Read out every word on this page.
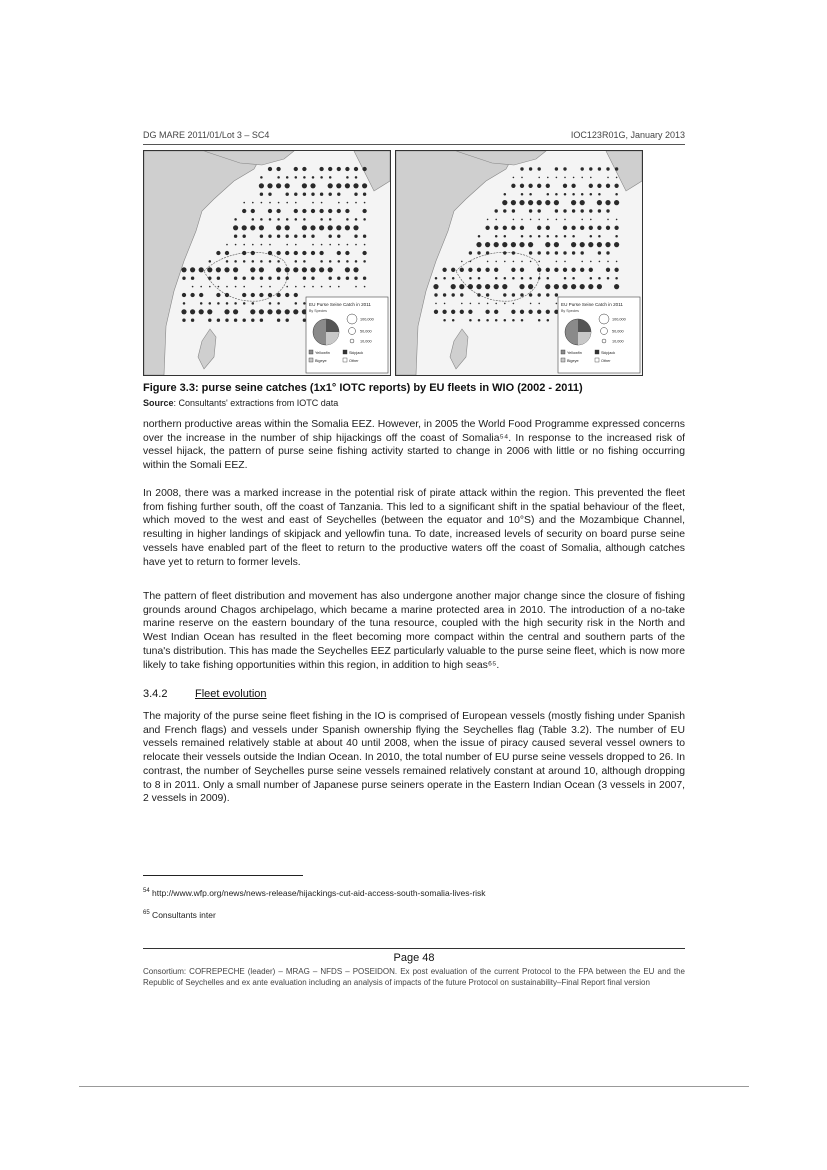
DG MARE 2011/01/Lot 3 – SC4	IOC123R01G, January 2013
EU Purse Seine Catch in 2011
By Species
100,000
50,000
10,000
Yellowfin	Skipjack
Bigeye	Other
EU Purse Seine Catch in 2011
By Species
100,000
50,000
10,000
Yellowfin	Skipjack
Bigeye	Other
Figure 3.3: purse seine catches (1x1° IOTC reports) by EU fleets in WIO (2002 - 2011)
Source: Consultants' extractions from IOTC data

northern productive areas within the Somalia EEZ. However, in 2005 the World Food Programme expressed concerns over the increase in the number of ship hijackings off the coast of Somalia⁵⁴. In response to the increased risk of vessel hijack, the pattern of purse seine fishing activity started to change in 2006 with little or no fishing occurring within the Somali EEZ.

In 2008, there was a marked increase in the potential risk of pirate attack within the region. This prevented the fleet from fishing further south, off the coast of Tanzania. This led to a significant shift in the spatial behaviour of the fleet, which moved to the west and east of Seychelles (between the equator and 10°S) and the Mozambique Channel, resulting in higher landings of skipjack and yellowfin tuna. To date, increased levels of security on board purse seine vessels have enabled part of the fleet to return to the productive waters off the coast of Somalia, although catches have yet to return to former levels.

The pattern of fleet distribution and movement has also undergone another major change since the closure of fishing grounds around Chagos archipelago, which became a marine protected area in 2010. The introduction of a no-take marine reserve on the eastern boundary of the tuna resource, coupled with the high security risk in the North and West Indian Ocean has resulted in the fleet becoming more compact within the central and southern parts of the tuna's distribution. This has made the Seychelles EEZ particularly valuable to the purse seine fleet, which is now more likely to take fishing opportunities within this region, in addition to high seas⁶⁵.

3.4.2	Fleet evolution

The majority of the purse seine fleet fishing in the IO is comprised of European vessels (mostly fishing under Spanish and French flags) and vessels under Spanish ownership flying the Seychelles flag (Table 3.2). The number of EU vessels remained relatively stable at about 40 until 2008, when the issue of piracy caused several vessel owners to relocate their vessels outside the Indian Ocean. In 2010, the total number of EU purse seine vessels dropped to 26. In contrast, the number of Seychelles purse seine vessels remained relatively constant at around 10, although dropping to 8 in 2011. Only a small number of Japanese purse seiners operate in the Eastern Indian Ocean (3 vessels in 2007, 2 vessels in 2009).

$^{54}$ http://www.wfp.org/news/news-release/hijackings-cut-aid-access-south-somalia-lives-risk
$^{65}$ Consultants inter
Page 48

Consortium: COFREPECHE (leader) – MRAG – NFDS – POSEIDON. Ex post evaluation of the current Protocol to the FPA between the EU and the Republic of Seychelles and ex ante evaluation including an analysis of impacts of the future Protocol on sustainability–Final Report final version
